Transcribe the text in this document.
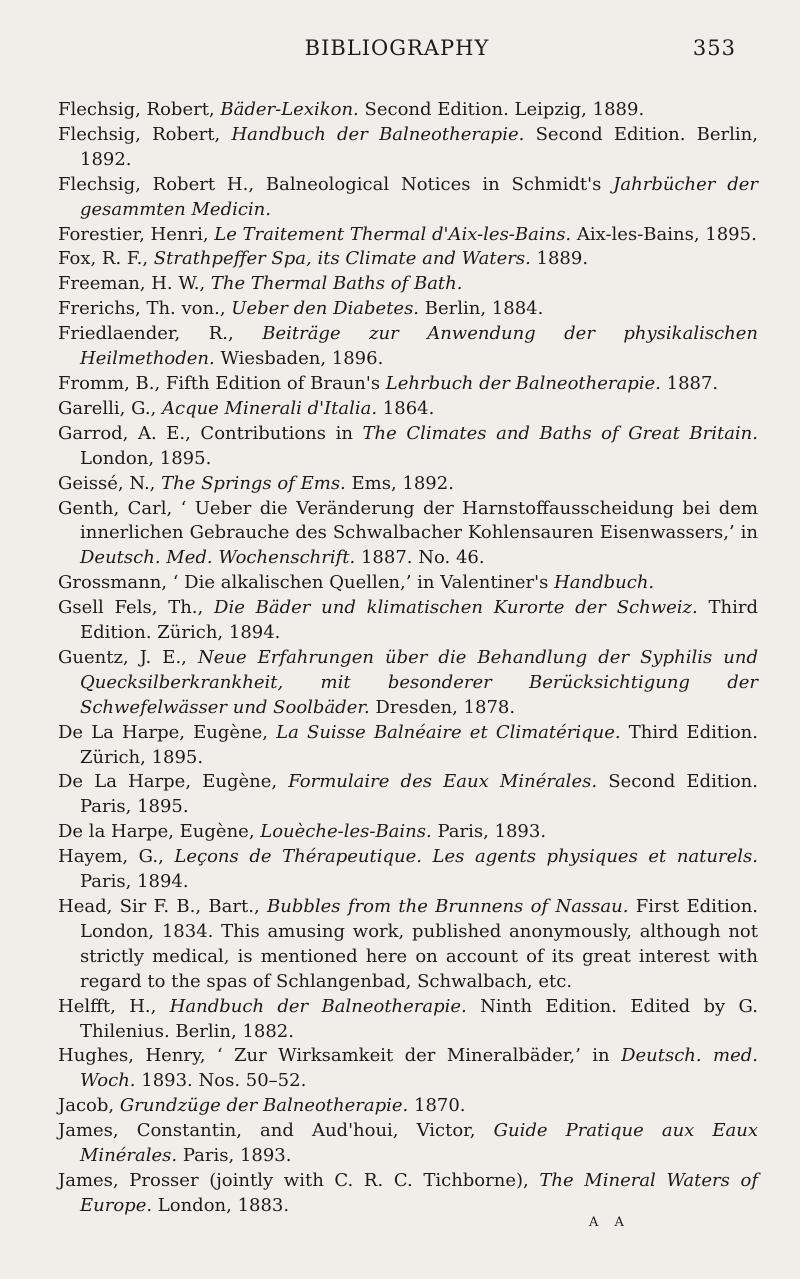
BIBLIOGRAPHY	353

Flechsig, Robert, Bäder-Lexikon. Second Edition. Leipzig, 1889.

Flechsig, Robert, Handbuch der Balneotherapie. Second Edition. Berlin, 1892.

Flechsig, Robert H., Balneological Notices in Schmidt's Jahrbücher der gesammten Medicin.

Forestier, Henri, Le Traitement Thermal d'Aix-les-Bains. Aix-les-Bains, 1895.

Fox, R. F., Strathpeffer Spa, its Climate and Waters. 1889.

Freeman, H. W., The Thermal Baths of Bath.

Frerichs, Th. von., Ueber den Diabetes. Berlin, 1884.

Friedlaender, R., Beiträge zur Anwendung der physikalischen Heilmethoden. Wiesbaden, 1896.

Fromm, B., Fifth Edition of Braun's Lehrbuch der Balneotherapie. 1887.

Garelli, G., Acque Minerali d'Italia. 1864.

Garrod, A. E., Contributions in The Climates and Baths of Great Britain. London, 1895.

Geissé, N., The Springs of Ems. Ems, 1892.

Genth, Carl, ‘ Ueber die Veränderung der Harnstoffausscheidung bei dem innerlichen Gebrauche des Schwalbacher Kohlensauren Eisenwassers,’ in Deutsch. Med. Wochenschrift. 1887. No. 46.

Grossmann, ‘ Die alkalischen Quellen,’ in Valentiner's Handbuch.

Gsell Fels, Th., Die Bäder und klimatischen Kurorte der Schweiz. Third Edition. Zürich, 1894.

Guentz, J. E., Neue Erfahrungen über die Behandlung der Syphilis und Quecksilberkrankheit, mit besonderer Berücksichtigung der Schwefelwässer und Soolbäder. Dresden, 1878.

De La Harpe, Eugène, La Suisse Balnéaire et Climatérique. Third Edition. Zürich, 1895.

De La Harpe, Eugène, Formulaire des Eaux Minérales. Second Edition. Paris, 1895.

De la Harpe, Eugène, Louèche-les-Bains. Paris, 1893.

Hayem, G., Leçons de Thérapeutique. Les agents physiques et naturels. Paris, 1894.

Head, Sir F. B., Bart., Bubbles from the Brunnens of Nassau. First Edition. London, 1834. This amusing work, published anonymously, although not strictly medical, is mentioned here on account of its great interest with regard to the spas of Schlangenbad, Schwalbach, etc.

Helfft, H., Handbuch der Balneotherapie. Ninth Edition. Edited by G. Thilenius. Berlin, 1882.

Hughes, Henry, ‘ Zur Wirksamkeit der Mineralbäder,’ in Deutsch. med. Woch. 1893. Nos. 50–52.

Jacob, Grundzüge der Balneotherapie. 1870.

James, Constantin, and Aud'houi, Victor, Guide Pratique aux Eaux Minérales. Paris, 1893.

James, Prosser (jointly with C. R. C. Tichborne), The Mineral Waters of Europe. London, 1883.

A A
